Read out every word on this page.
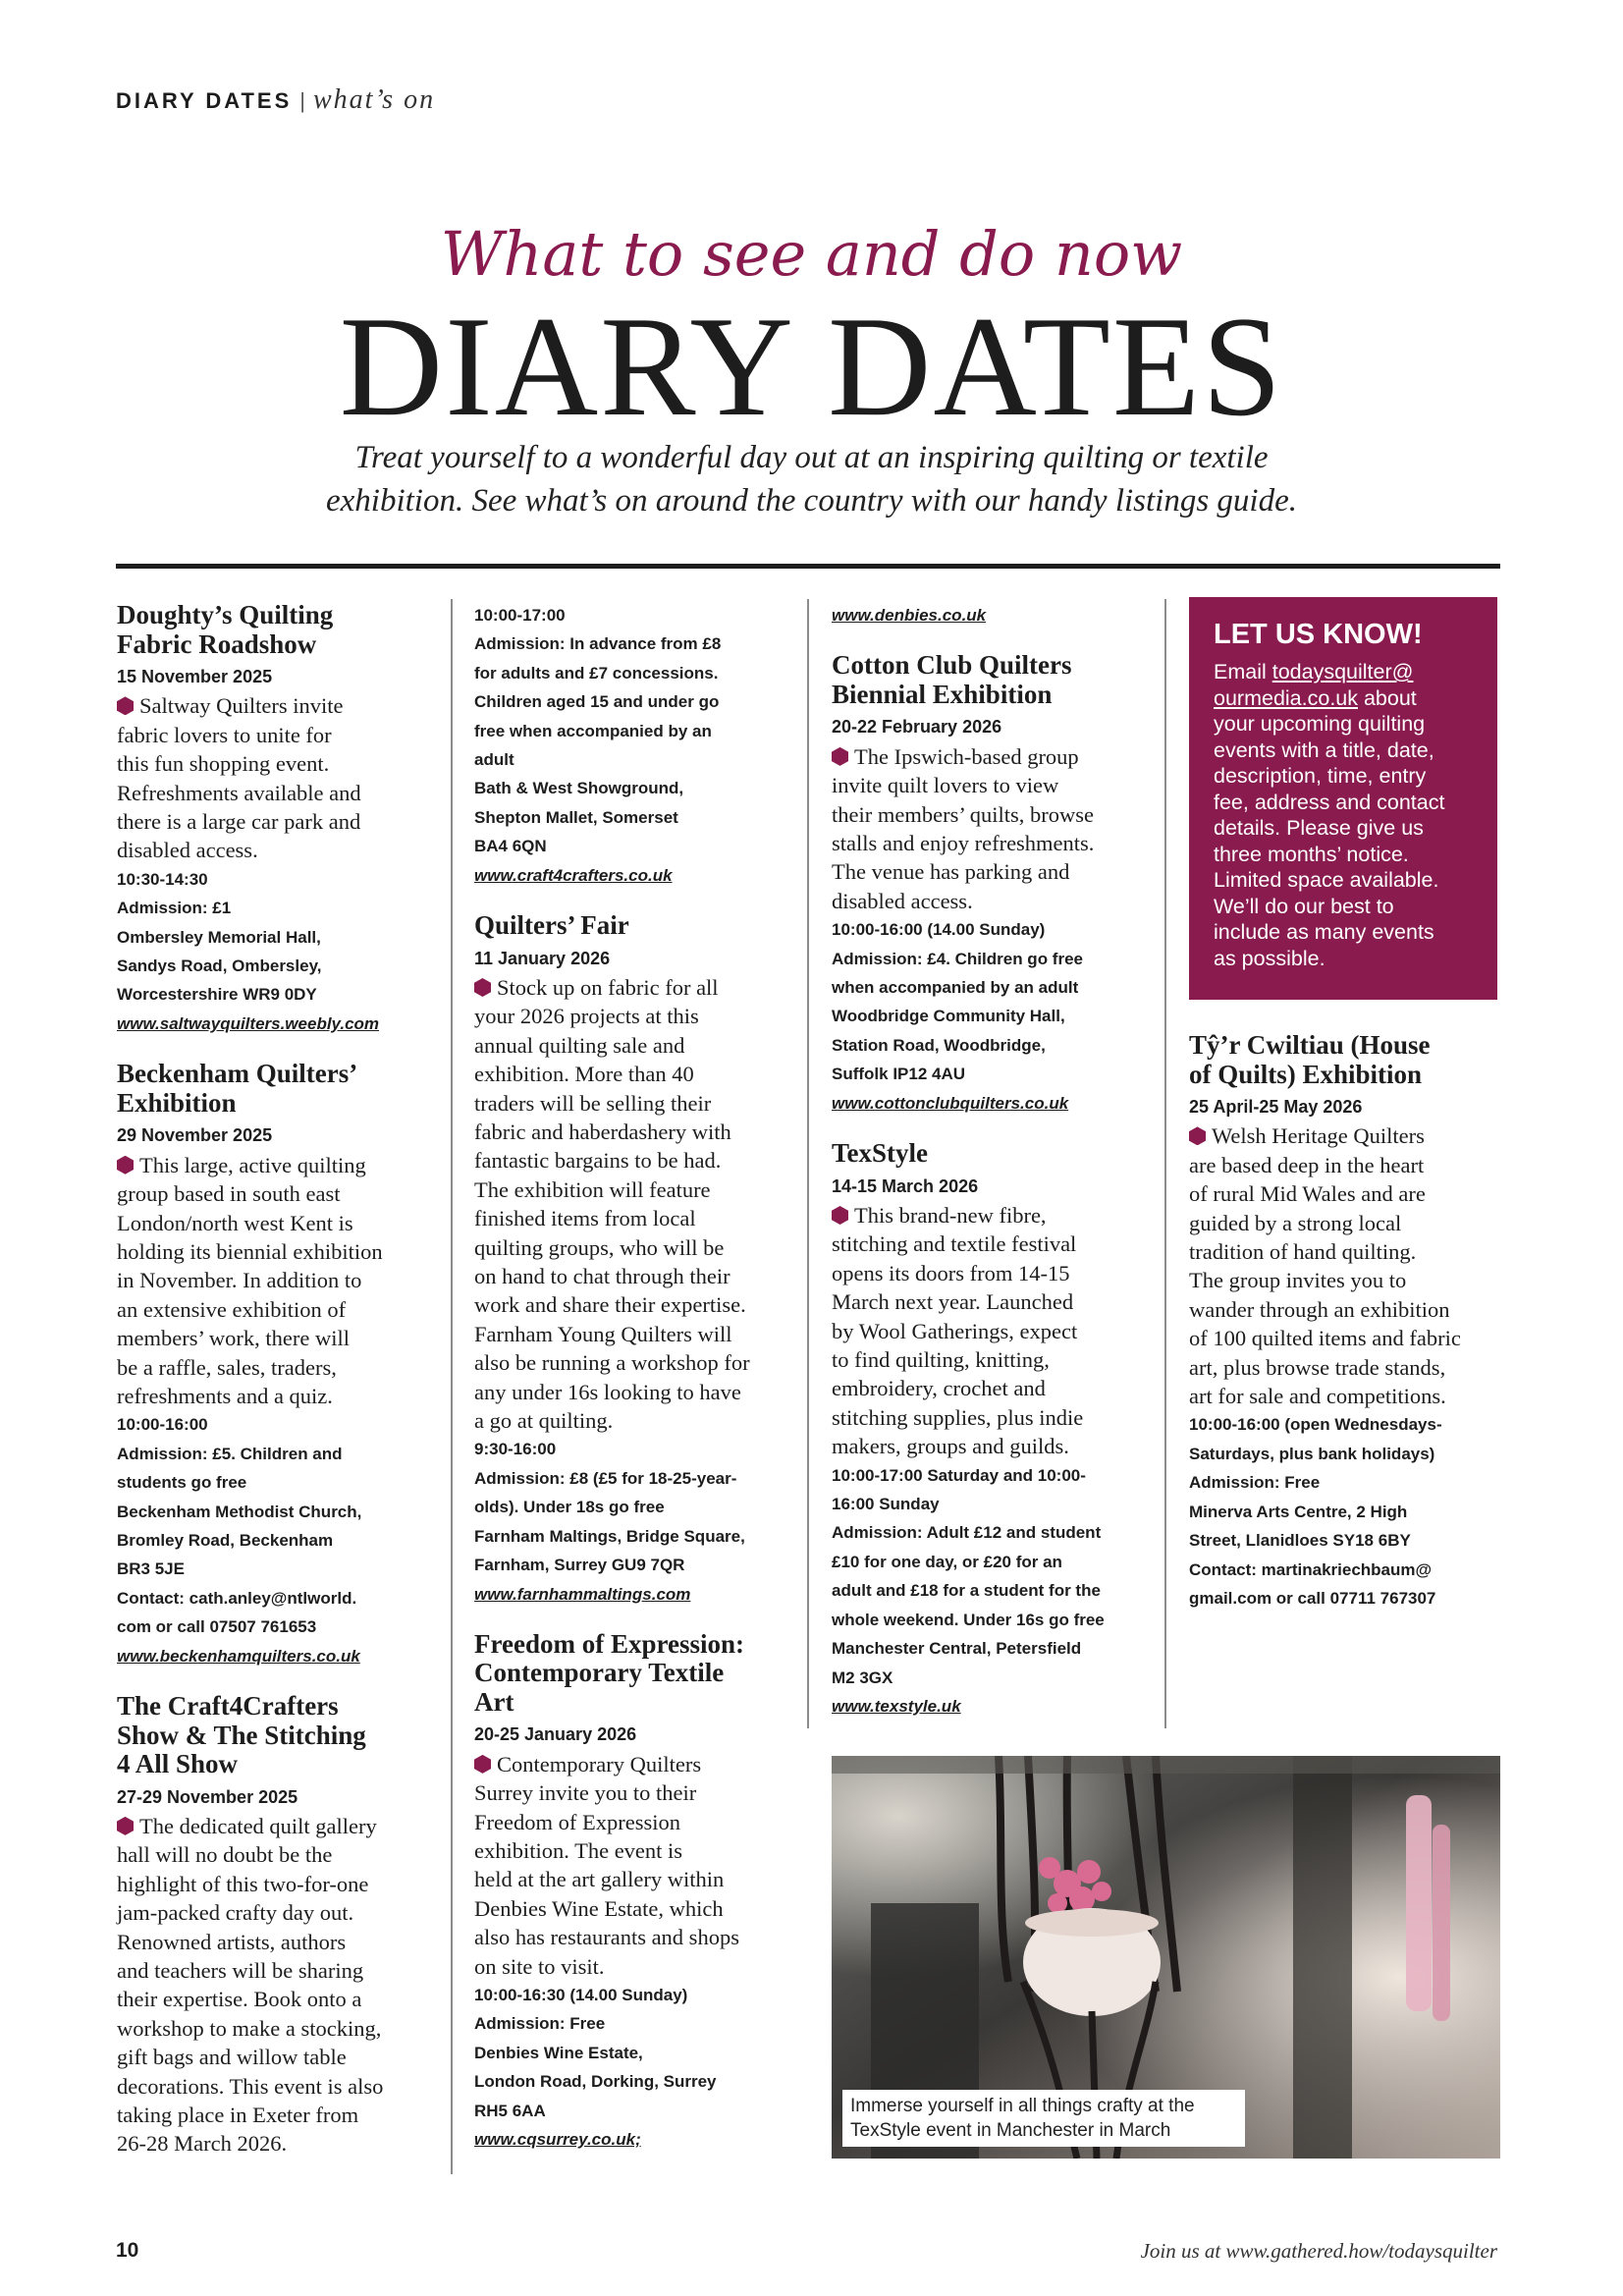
DIARY DATES | what’s on
What to see and do now
DIARY DATES
Treat yourself to a wonderful day out at an inspiring quilting or textile
exhibition. See what’s on around the country with our handy listings guide.
Doughty’s Quilting
Fabric Roadshow
15 November 2025
Saltway Quilters invite
fabric lovers to unite for
this fun shopping event.
Refreshments available and
there is a large car park and
disabled access.
10:30-14:30
Admission: £1
Ombersley Memorial Hall,
Sandys Road, Ombersley,
Worcestershire WR9 0DY
www.saltwayquilters.weebly.com
Beckenham Quilters’
Exhibition
29 November 2025
This large, active quilting
group based in south east
London/north west Kent is
holding its biennial exhibition
in November. In addition to
an extensive exhibition of
members’ work, there will
be a raffle, sales, traders,
refreshments and a quiz.
10:00-16:00
Admission: £5. Children and
students go free
Beckenham Methodist Church,
Bromley Road, Beckenham
BR3 5JE
Contact: cath.anley@ntlworld.
com or call 07507 761653
www.beckenhamquilters.co.uk
The Craft4Crafters
Show & The Stitching
4 All Show
27-29 November 2025
The dedicated quilt gallery
hall will no doubt be the
highlight of this two-for-one
jam-packed crafty day out.
Renowned artists, authors
and teachers will be sharing
their expertise. Book onto a
workshop to make a stocking,
gift bags and willow table
decorations. This event is also
taking place in Exeter from
26-28 March 2026.
10:00-17:00
Admission: In advance from £8
for adults and £7 concessions.
Children aged 15 and under go
free when accompanied by an
adult
Bath & West Showground,
Shepton Mallet, Somerset
BA4 6QN
www.craft4crafters.co.uk
Quilters’ Fair
11 January 2026
Stock up on fabric for all
your 2026 projects at this
annual quilting sale and
exhibition. More than 40
traders will be selling their
fabric and haberdashery with
fantastic bargains to be had.
The exhibition will feature
finished items from local
quilting groups, who will be
on hand to chat through their
work and share their expertise.
Farnham Young Quilters will
also be running a workshop for
any under 16s looking to have
a go at quilting.
9:30-16:00
Admission: £8 (£5 for 18-25-year-
olds). Under 18s go free
Farnham Maltings, Bridge Square,
Farnham, Surrey GU9 7QR
www.farnhammaltings.com
Freedom of Expression:
Contemporary Textile
Art
20-25 January 2026
Contemporary Quilters
Surrey invite you to their
Freedom of Expression
exhibition. The event is
held at the art gallery within
Denbies Wine Estate, which
also has restaurants and shops
on site to visit.
10:00-16:30 (14.00 Sunday)
Admission: Free
Denbies Wine Estate,
London Road, Dorking, Surrey
RH5 6AA
www.cqsurrey.co.uk;
www.denbies.co.uk
Cotton Club Quilters
Biennial Exhibition
20-22 February 2026
The Ipswich-based group
invite quilt lovers to view
their members’ quilts, browse
stalls and enjoy refreshments.
The venue has parking and
disabled access.
10:00-16:00 (14.00 Sunday)
Admission: £4. Children go free
when accompanied by an adult
Woodbridge Community Hall,
Station Road, Woodbridge,
Suffolk IP12 4AU
www.cottonclubquilters.co.uk
TexStyle
14-15 March 2026
This brand-new fibre,
stitching and textile festival
opens its doors from 14-15
March next year. Launched
by Wool Gatherings, expect
to find quilting, knitting,
embroidery, crochet and
stitching supplies, plus indie
makers, groups and guilds.
10:00-17:00 Saturday and 10:00-
16:00 Sunday
Admission: Adult £12 and student
£10 for one day, or £20 for an
adult and £18 for a student for the
whole weekend. Under 16s go free
Manchester Central, Petersfield
M2 3GX
www.texstyle.uk
Tŷ’r Cwiltiau (House
of Quilts) Exhibition
25 April-25 May 2026
Welsh Heritage Quilters
are based deep in the heart
of rural Mid Wales and are
guided by a strong local
tradition of hand quilting.
The group invites you to
wander through an exhibition
of 100 quilted items and fabric
art, plus browse trade stands,
art for sale and competitions.
10:00-16:00 (open Wednesdays-
Saturdays, plus bank holidays)
Admission: Free
Minerva Arts Centre, 2 High
Street, Llanidloes SY18 6BY
Contact: martinakriechbaum@
gmail.com or call 07711 767307
LET US KNOW!
Email todaysquilter@
ourmedia.co.uk about
your upcoming quilting
events with a title, date,
description, time, entry
fee, address and contact
details. Please give us
three months’ notice.
Limited space available.
We’ll do our best to
include as many events
as possible.
Immerse yourself in all things crafty at the
TexStyle event in Manchester in March
10	Join us at www.gathered.how/todaysquilter
